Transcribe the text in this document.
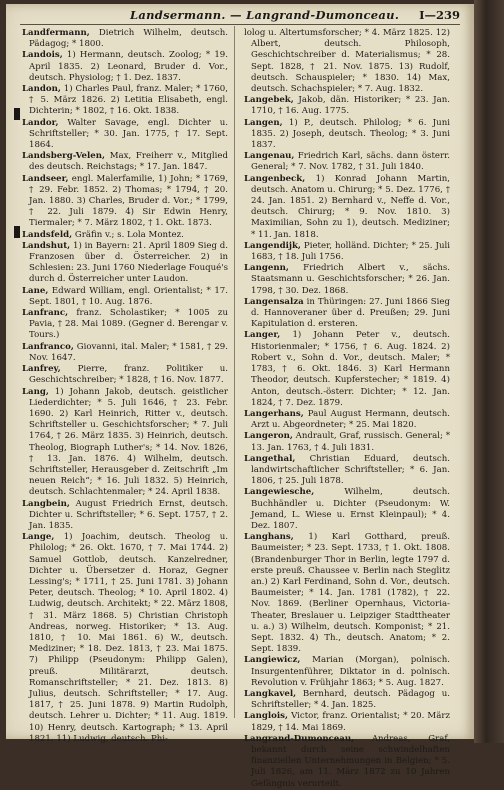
Landsermann. — Langrand-Dumonceau. I—239

Landfermann, Dietrich Wilhelm, deutsch. Pädagog; * 1800.

Landois, 1) Hermann, deutsch. Zoolog; * 19. April 1835. 2) Leonard, Bruder d. Vor., deutsch. Physiolog; † 1. Dez. 1837.

Landon, 1) Charles Paul, franz. Maler; * 1760, † 5. März 1826. 2) Letitia Elisabeth, engl. Dichterin; * 1802, † 16. Okt. 1838.

Landor, Walter Savage, engl. Dichter u. Schriftsteller; * 30. Jan. 1775, † 17. Sept. 1864.

Landsberg-Velen, Max, Freiherr v., Mitglied des deutsch. Reichstags; * 17. Jan. 1847.

Landseer, engl. Malerfamilie, 1) John; * 1769, † 29. Febr. 1852. 2) Thomas; * 1794, † 20. Jan. 1880. 3) Charles, Bruder d. Vor.; * 1799, † 22. Juli 1879. 4) Sir Edwin Henry, Tiermaler; * 7. März 1802, † 1. Okt. 1873.

Landsfeld, Gräfin v.; s. Lola Montez.

Landshut, 1) in Bayern: 21. April 1809 Sieg d. Franzosen über d. Österreicher. 2) in Schlesien: 23. Juni 1760 Niederlage Fouqué's durch d. Österreicher unter Laudon.

Lane, Edward William, engl. Orientalist; * 17. Sept. 1801, † 10. Aug. 1876.

Lanfranc, franz. Scholastiker; * 1005 zu Pavia, † 28. Mai 1089. (Gegner d. Berengar v. Tours.)

Lanfranco, Giovanni, ital. Maler; * 1581, † 29. Nov. 1647.

Lanfrey, Pierre, franz. Politiker u. Geschichtschreiber; * 1828, † 16. Nov. 1877.

Lang, 1) Johann Jakob, deutsch. geistlicher Liederdichter; * 5. Juli 1646, † 23. Febr. 1690. 2) Karl Heinrich, Ritter v., deutsch. Schriftsteller u. Geschichtsforscher; * 7. Juli 1764, † 26. März 1835. 3) Heinrich, deutsch. Theolog, Biograph Luther's; * 14. Nov. 1826, † 13. Jan. 1876. 4) Wilhelm, deutsch. Schriftsteller, Herausgeber d. Zeitschrift „Im neuen Reich“; * 16. Juli 1832. 5) Heinrich, deutsch. Schlachtenmaler; * 24. April 1838.

Langbein, August Friedrich Ernst, deutsch. Dichter u. Schriftsteller; * 6. Sept. 1757, † 2. Jan. 1835.

Lange, 1) Joachim, deutsch. Theolog u. Philolog; * 26. Okt. 1670, † 7. Mai 1744. 2) Samuel Gottlob, deutsch. Kanzelredner, Dichter u. Übersetzer d. Horaz, Gegner Lessing's; * 1711, † 25. Juni 1781. 3) Johann Peter, deutsch. Theolog; * 10. April 1802. 4) Ludwig, deutsch. Architekt; * 22. März 1808, † 31. März 1868. 5) Christian Christoph Andreas, norweg. Historiker; * 13. Aug. 1810, † 10. Mai 1861. 6) W., deutsch. Mediziner; * 18. Dez. 1813, † 23. Mai 1875. 7) Philipp (Pseudonym: Philipp Galen), preuß. Militärarzt, deutsch. Romanschriftsteller; * 21. Dez. 1813. 8) Julius, deutsch. Schriftsteller; * 17. Aug. 1817, † 25. Juni 1878. 9) Martin Rudolph, deutsch. Lehrer u. Dichter; * 11. Aug. 1819. 10) Henry, deutsch. Kartograph; * 13. April 1821. 11) Ludwig, deutsch. Phi-

lolog u. Altertumsforscher; * 4. März 1825. 12) Albert, deutsch. Philosoph, Geschichtschreiber d. Materialismus; * 28. Sept. 1828, † 21. Nov. 1875. 13) Rudolf, deutsch. Schauspieler; * 1830. 14) Max, deutsch. Schachspieler; * 7. Aug. 1832.

Langebek, Jakob, dän. Historiker; * 23. Jan. 1710, † 16. Aug. 1775.

Langen, 1) P., deutsch. Philolog; * 6. Juni 1835. 2) Joseph, deutsch. Theolog; * 3. Juni 1837.

Langenau, Friedrich Karl, sächs. dann österr. General; * 7. Nov. 1782, † 31. Juli 1840.

Langenbeck, 1) Konrad Johann Martin, deutsch. Anatom u. Chirurg; * 5. Dez. 1776, † 24. Jan. 1851. 2) Bernhard v., Neffe d. Vor., deutsch. Chirurg; * 9. Nov. 1810. 3) Maximilian, Sohn zu 1), deutsch. Mediziner; * 11. Jan. 1818.

Langendijk, Pieter, holländ. Dichter; * 25. Juli 1683, † 18. Juli 1756.

Langenn, Friedrich Albert v., sächs. Staatsmann u. Geschichtsforscher; * 26. Jan. 1798, † 30. Dez. 1868.

Langensalza in Thüringen: 27. Juni 1866 Sieg d. Hannoveraner über d. Preußen; 29. Juni Kapitulation d. ersteren.

Langer, 1) Johann Peter v., deutsch. Historienmaler; * 1756, † 6. Aug. 1824. 2) Robert v., Sohn d. Vor., deutsch. Maler; * 1783, † 6. Okt. 1846. 3) Karl Hermann Theodor, deutsch. Kupferstecher; * 1819. 4) Anton, deutsch.-österr. Dichter; * 12. Jan. 1824, † 7. Dez. 1879.

Langerhans, Paul August Hermann, deutsch. Arzt u. Abgeordneter; * 25. Mai 1820.

Langeron, Andrault, Graf, russisch. General; * 13. Jan. 1763, † 4. Juli 1831.

Langethal, Christian Eduard, deutsch. landwirtschaftlicher Schriftsteller; * 6. Jan. 1806, † 25. Juli 1878.

Langewiesche, Wilhelm, deutsch. Buchhändler u. Dichter (Pseudonym: W. Jemand, L. Wiese u. Ernst Kleinpaul); * 4. Dez. 1807.

Langhans, 1) Karl Gotthard, preuß. Baumeister; * 23. Sept. 1733, † 1. Okt. 1808. (Brandenburger Thor in Berlin, legte 1797 d. erste preuß. Chaussee v. Berlin nach Steglitz an.) 2) Karl Ferdinand, Sohn d. Vor., deutsch. Baumeister; * 14. Jan. 1781 (1782), † 22. Nov. 1869. (Berliner Opernhaus, Victoria-Theater, Breslauer u. Leipziger Stadttheater u. a.) 3) Wilhelm, deutsch. Komponist; * 21. Sept. 1832. 4) Th., deutsch. Anatom; * 2. Sept. 1839.

Langiewicz, Marian (Morgan), polnisch. Insurgentenführer, Diktator in d. polnisch. Revolution v. Frühjahr 1863; * 5. Aug. 1827.

Langkavel, Bernhard, deutsch. Pädagog u. Schriftsteller; * 4. Jan. 1825.

Langlois, Victor, franz. Orientalist; * 20. März 1829, † 14. Mai 1869.

Langrand-Dumonceau, Andreas, Graf, bekannt durch seine schwindelhaften finanziellen Unternehmungen in Belgien; * 5. Juli 1826, am 11. März 1872 zu 10 Jahren Gefängnis verurteilt.
